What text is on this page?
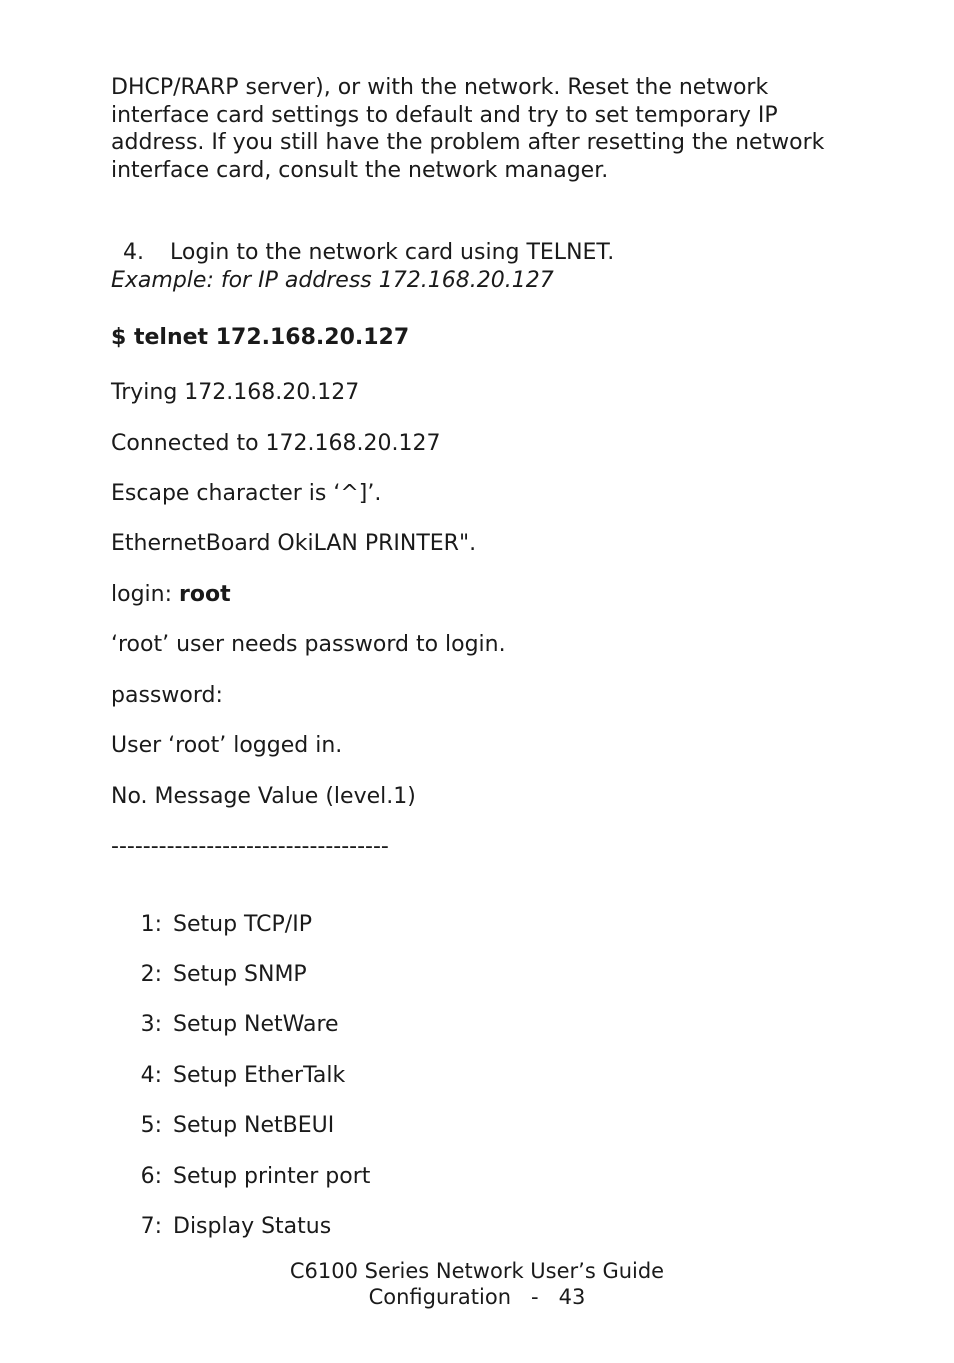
DHCP/RARP server), or with the network. Reset the network
interface card settings to default and try to set temporary IP
address. If you still have the problem after resetting the network
interface card, consult the network manager.

4. Login to the network card using TELNET.

Example: for IP address 172.168.20.127
$ telnet 172.168.20.127
Trying 172.168.20.127
Connected to 172.168.20.127
Escape character is ‘^]’.
EthernetBoard OkiLAN PRINTER".
login: root
‘root’ user needs password to login.
password:
User ‘root’ logged in.
No. Message Value (level.1)
-----------------------------------

1: Setup TCP/IP

2: Setup SNMP

3: Setup NetWare

4: Setup EtherTalk

5: Setup NetBEUI

6: Setup printer port

7: Display Status

C6100 Series Network User’s Guide
Configuration   -   43
